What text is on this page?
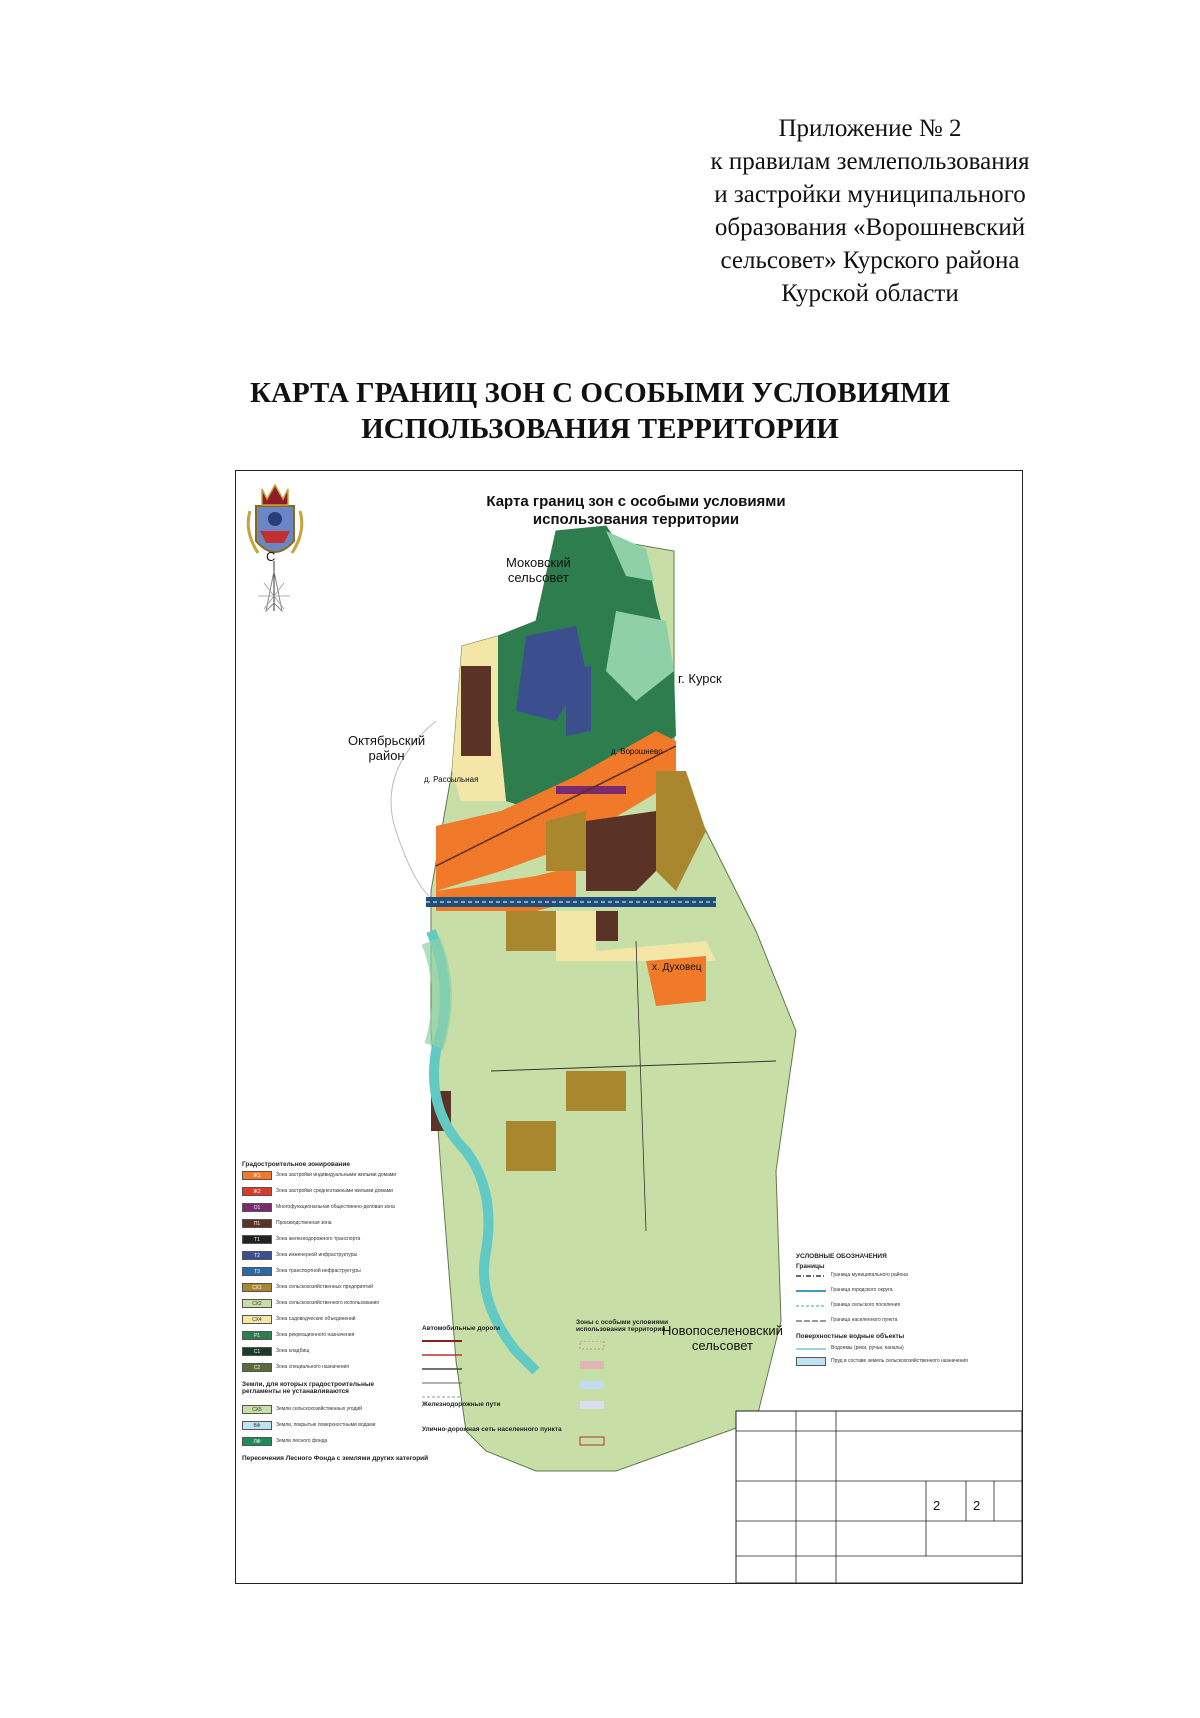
Приложение № 2
к правилам землепользования
и застройки муниципального
образования «Ворошневский
сельсовет» Курского района
Курской области
КАРТА ГРАНИЦ ЗОН С ОСОБЫМИ УСЛОВИЯМИ
ИСПОЛЬЗОВАНИЯ ТЕРРИТОРИИ
Карта границ зон с особыми условиями
использования территории
С	Моковский
сельсовет
г. Курск
Октябрьский
район
д. Рассыльная
д. Ворошнево
х. Духовец
Новопоселеновский
сельсовет
Градостроительное зонирование
Ж1	Зона застройки индивидуальными жилыми домами
Ж2	Зона застройки среднеэтажными жилыми домами
О1	Многофункциональная общественно-деловая зона
П1	Производственная зона
Т1	Зона железнодорожного транспорта
Т2	Зона инженерной инфраструктуры
Т3	Зона транспортной инфраструктуры
СХ1	Зона сельскохозяйственных предприятий
СХ2	Зона сельскохозяйственного использования
СХ4	Зона садоводческих объединений
Р1	Зона рекреационного назначения
С1	Зона кладбищ
С2	Зона специального назначения
Земли, для которых градостроительные регламенты не устанавливаются
СХ5	Земли сельскохозяйственных угодий
ВФ	Земли, покрытые поверхностными водами
ЛФ	Земли лесного фонда
Пересечения Лесного Фонда с землями других категорий
Автомобильные дороги
Железнодорожные пути
Улично-дорожная сеть населенного пункта
Зоны с особыми условиями использования территории
УСЛОВНЫЕ ОБОЗНАЧЕНИЯ
Границы
Граница муниципального района
Граница городского округа
Граница сельского поселения
Граница населенного пункта
Поверхностные водные объекты
Водоемы (реки, ручьи, каналы)
Пруд в составе земель сельскохозяйственного назначения
2	2
